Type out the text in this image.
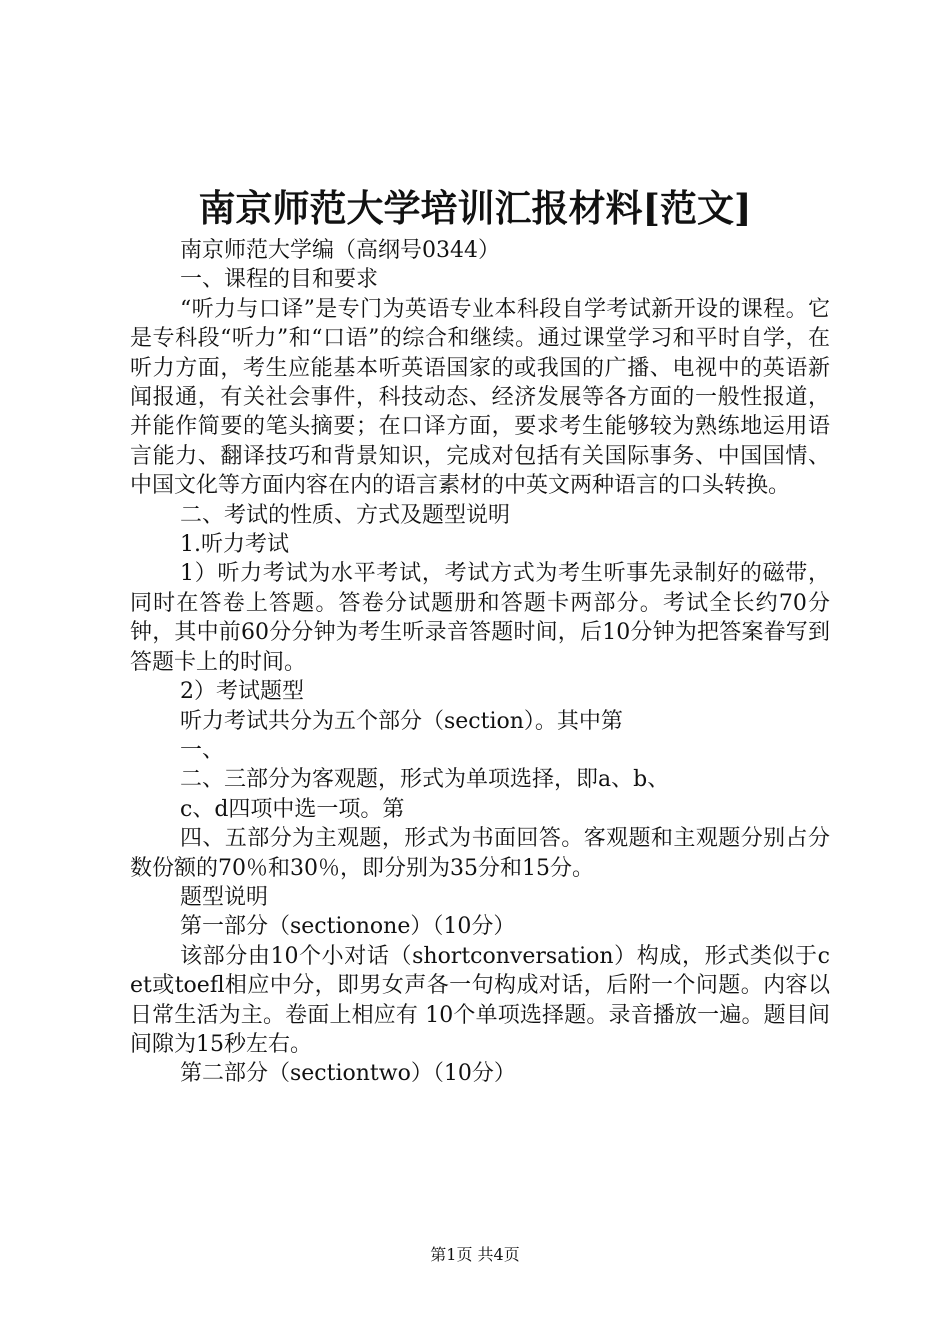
南京师范大学培训汇报材料[范文]

南京师范大学编（高纲号0344）

一、课程的目和要求

“听力与口译”是专门为英语专业本科段自学考试新开设的课程。它是专科段“听力”和“口语”的综合和继续。通过课堂学习和平时自学，在听力方面，考生应能基本听英语国家的或我国的广播、电视中的英语新闻报通，有关社会事件，科技动态、经济发展等各方面的一般性报道，并能作简要的笔头摘要；在口译方面，要求考生能够较为熟练地运用语言能力、翻译技巧和背景知识，完成对包括有关国际事务、中国国情、中国文化等方面内容在内的语言素材的中英文两种语言的口头转换。

二、考试的性质、方式及题型说明

1.听力考试

1）听力考试为水平考试，考试方式为考生听事先录制好的磁带，同时在答卷上答题。答卷分试题册和答题卡两部分。考试全长约70分钟，其中前60分分钟为考生听录音答题时间，后10分钟为把答案眷写到答题卡上的时间。

2）考试题型

听力考试共分为五个部分（section）。其中第

一、

二、三部分为客观题，形式为单项选择，即a、b、

c、d四项中选一项。第

四、五部分为主观题，形式为书面回答。客观题和主观题分别占分数份额的70％和30％，即分别为35分和15分。

题型说明

第一部分（sectionone）（10分）

该部分由10个小对话（shortconversation）构成，形式类似于cet或toefl相应中分，即男女声各一句构成对话，后附一个问题。内容以日常生活为主。卷面上相应有 10个单项选择题。录音播放一遍。题目间间隙为15秒左右。

第二部分（sectiontwo）（10分）

第1页 共4页
